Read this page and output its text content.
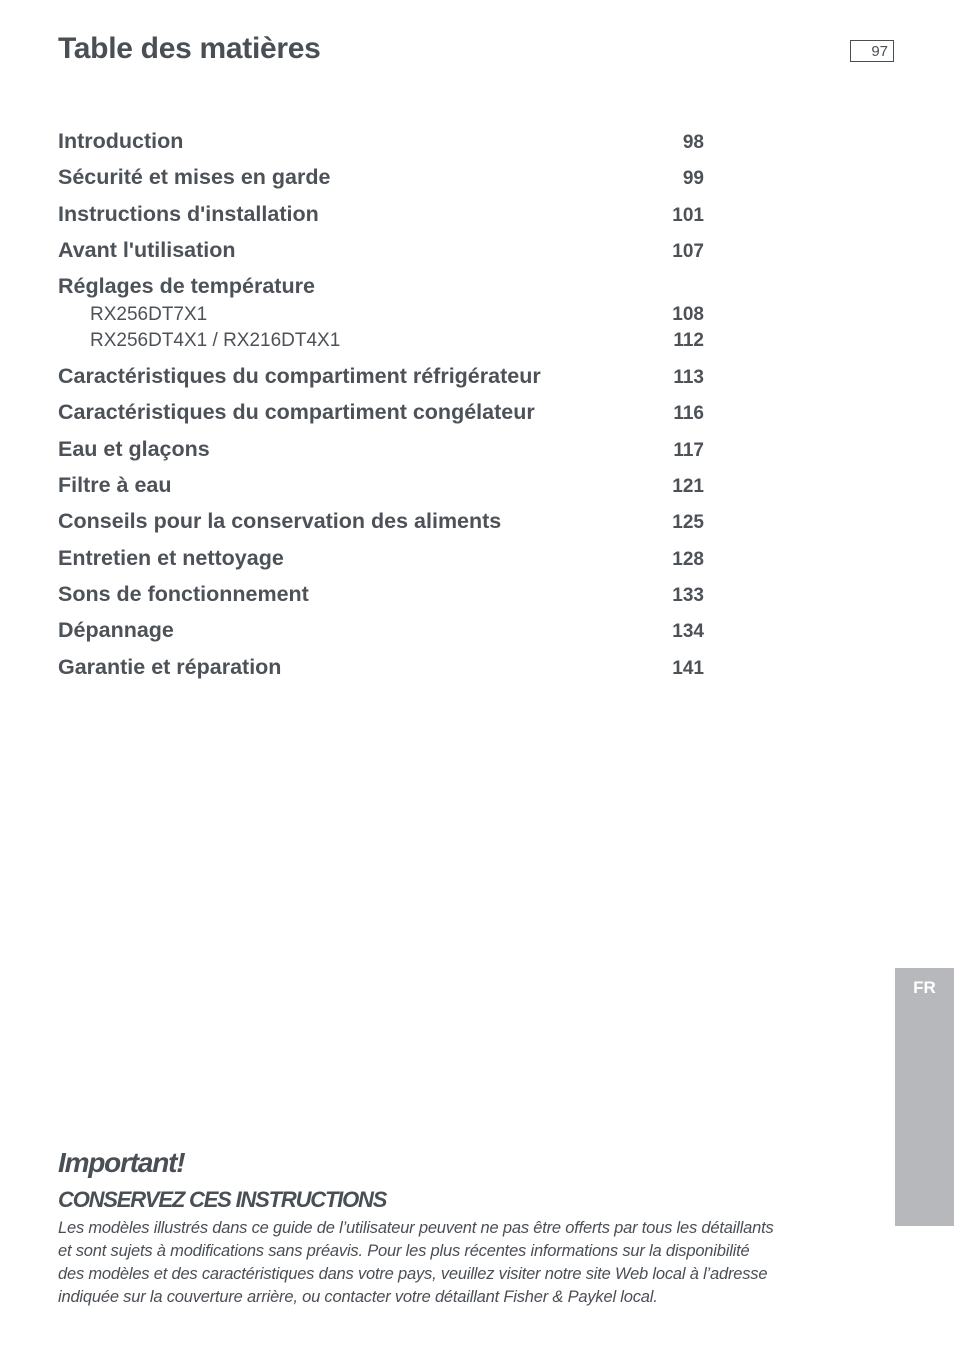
Table des matières	97
Introduction	98
Sécurité et mises en garde	99
Instructions d'installation	101
Avant l'utilisation	107
Réglages de température
RX256DT7X1	108
RX256DT4X1 / RX216DT4X1	112
Caractéristiques du compartiment réfrigérateur	113
Caractéristiques du compartiment congélateur	116
Eau et glaçons	117
Filtre à eau	121
Conseils pour la conservation des aliments	125
Entretien et nettoyage	128
Sons de fonctionnement	133
Dépannage	134
Garantie et réparation	141
FR
Important!
CONSERVEZ CES INSTRUCTIONS

Les modèles illustrés dans ce guide de l’utilisateur peuvent ne pas être offerts par tous les détaillants
et sont sujets à modifications sans préavis. Pour les plus récentes informations sur la disponibilité
des modèles et des caractéristiques dans votre pays, veuillez visiter notre site Web local à l’adresse
indiquée sur la couverture arrière, ou contacter votre détaillant Fisher & Paykel local.
